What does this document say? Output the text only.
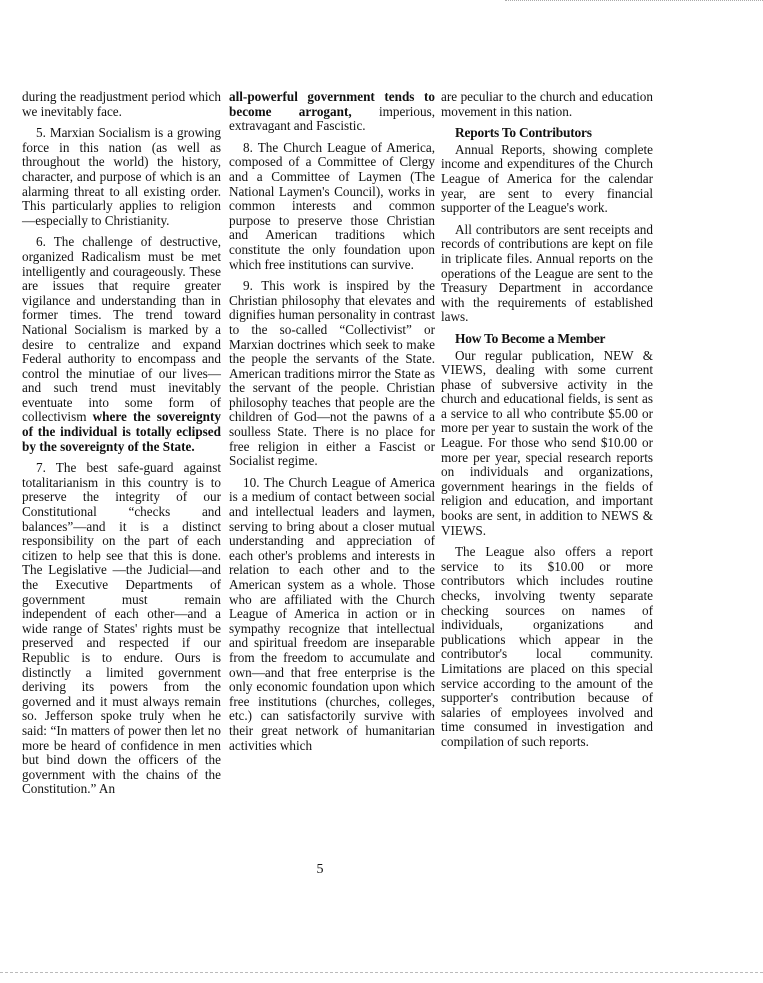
during the readjustment period which we inevitably face.

5. Marxian Socialism is a growing force in this nation (as well as throughout the world) the history, character, and purpose of which is an alarming threat to all existing order. This particularly applies to religion—especially to Christianity.

6. The challenge of destructive, organized Radicalism must be met intelligently and courageously. These are issues that require greater vigilance and understanding than in former times. The trend toward National Socialism is marked by a desire to centralize and expand Federal authority to encompass and control the minutiae of our lives—and such trend must inevitably eventuate into some form of collectivism where the sovereignty of the individual is totally eclipsed by the sovereignty of the State.

7. The best safe-guard against totalitarianism in this country is to preserve the integrity of our Constitutional “checks and balances”—and it is a distinct responsibility on the part of each citizen to help see that this is done. The Legislative —the Judicial—and the Executive Departments of government must remain independent of each other—and a wide range of States' rights must be preserved and respected if our Republic is to endure. Ours is distinctly a limited government deriving its powers from the governed and it must always remain so. Jefferson spoke truly when he said: “In matters of power then let no more be heard of confidence in men but bind down the officers of the government with the chains of the Constitution.” An

all-powerful government tends to become arrogant, imperious, extravagant and Fascistic.

8. The Church League of America, composed of a Committee of Clergy and a Committee of Laymen (The National Laymen's Council), works in common interests and common purpose to preserve those Christian and American traditions which constitute the only foundation upon which free institutions can survive.

9. This work is inspired by the Christian philosophy that elevates and dignifies human personality in contrast to the so-called “Collectivist” or Marxian doctrines which seek to make the people the servants of the State. American traditions mirror the State as the servant of the people. Christian philosophy teaches that people are the children of God—not the pawns of a soulless State. There is no place for free religion in either a Fascist or Socialist regime.

10. The Church League of America is a medium of contact between social and intellectual leaders and laymen, serving to bring about a closer mutual understanding and appreciation of each other's problems and interests in relation to each other and to the American system as a whole. Those who are affiliated with the Church League of America in action or in sympathy recognize that intellectual and spiritual freedom are inseparable from the freedom to accumulate and own—and that free enterprise is the only economic foundation upon which free institutions (churches, colleges, etc.) can satisfactorily survive with their great network of humanitarian activities which

are peculiar to the church and education movement in this nation.

Reports To Contributors

Annual Reports, showing complete income and expenditures of the Church League of America for the calendar year, are sent to every financial supporter of the League's work.

All contributors are sent receipts and records of contributions are kept on file in triplicate files. Annual reports on the operations of the League are sent to the Treasury Department in accordance with the requirements of established laws.

How To Become a Member

Our regular publication, NEW & VIEWS, dealing with some current phase of subversive activity in the church and educational fields, is sent as a service to all who contribute $5.00 or more per year to sustain the work of the League. For those who send $10.00 or more per year, special research reports on individuals and organizations, government hearings in the fields of religion and education, and important books are sent, in addition to NEWS & VIEWS.

The League also offers a report service to its $10.00 or more contributors which includes routine checks, involving twenty separate checking sources on names of individuals, organizations and publications which appear in the contributor's local community. Limitations are placed on this special service according to the amount of the supporter's contribution because of salaries of employees involved and time consumed in investigation and compilation of such reports.

5
